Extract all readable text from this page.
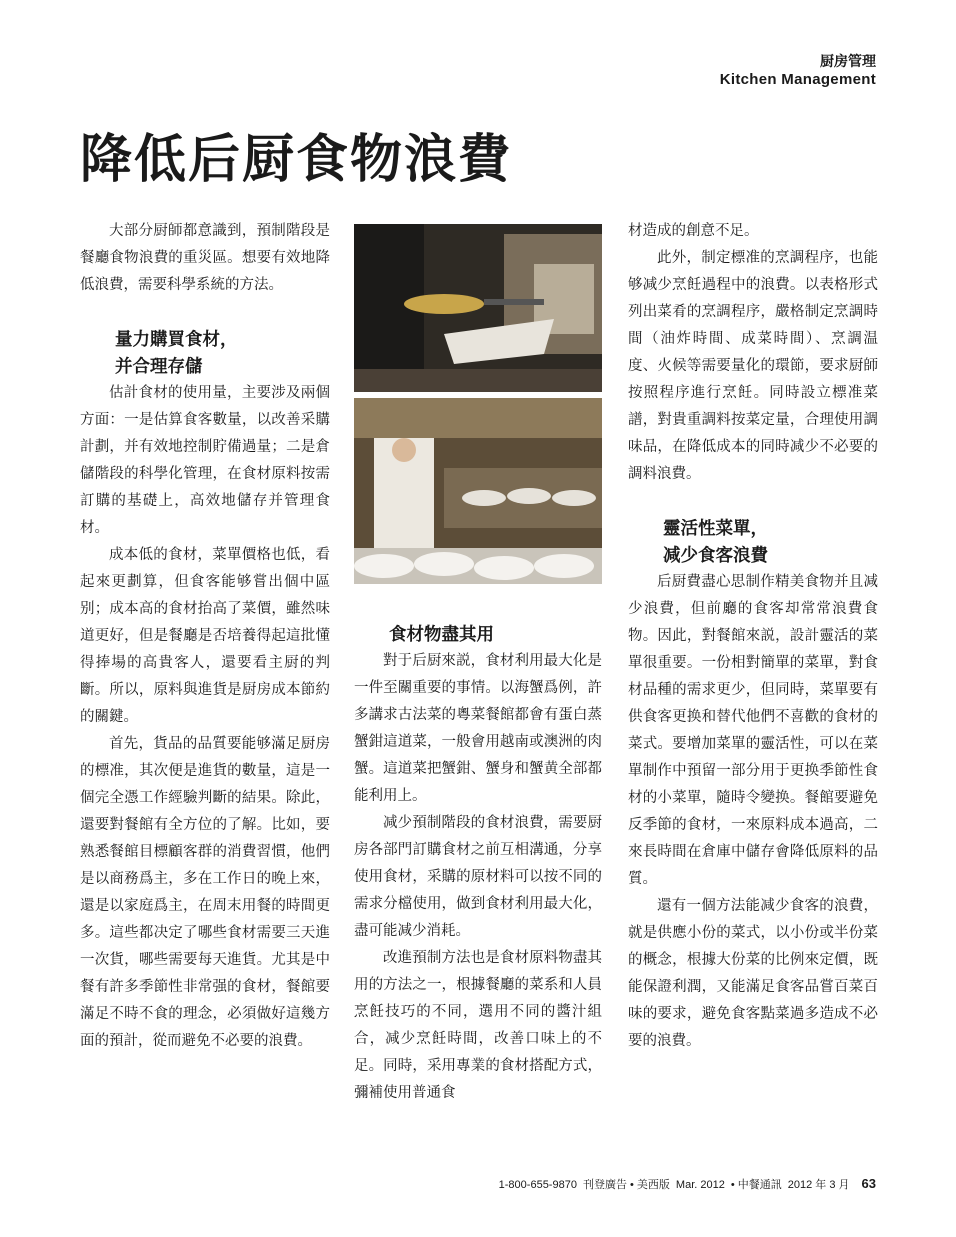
厨房管理
Kitchen Management
降低后厨食物浪費

大部分厨師都意識到，預制階段是餐廳食物浪費的重災區。想要有效地降低浪費，需要科學系統的方法。

量力購買食材，
并合理存儲

估計食材的使用量，主要涉及兩個方面：一是估算食客數量，以改善采購計劃，并有效地控制貯備過量；二是倉儲階段的科學化管理，在食材原料按需訂購的基礎上，高效地儲存并管理食材。

成本低的食材，菜單價格也低，看起來更劃算，但食客能够嘗出個中區别；成本高的食材抬高了菜價，雖然味道更好，但是餐廳是否培養得起這批懂得捧場的高貴客人，還要看主厨的判斷。所以，原料與進貨是厨房成本節約的關鍵。

首先，貨品的品質要能够滿足厨房的標准，其次便是進貨的數量，這是一個完全憑工作經驗判斷的結果。除此，還要對餐館有全方位的了解。比如，要熟悉餐館目標顧客群的消費習慣，他們是以商務爲主，多在工作日的晚上來，還是以家庭爲主，在周末用餐的時間更多。這些都决定了哪些食材需要三天進一次貨，哪些需要每天進貨。尤其是中餐有許多季節性非常强的食材，餐館要滿足不時不食的理念，必須做好這幾方面的預計，從而避免不必要的浪費。

食材物盡其用

對于后厨來説，食材利用最大化是一件至關重要的事情。以海蟹爲例，許多講求古法菜的粵菜餐館都會有蛋白蒸蟹鉗這道菜，一般會用越南或澳洲的肉蟹。這道菜把蟹鉗、蟹身和蟹黄全部都能利用上。

减少預制階段的食材浪費，需要厨房各部門訂購食材之前互相溝通，分享使用食材，采購的原材料可以按不同的需求分檔使用，做到食材利用最大化，盡可能减少消耗。

改進預制方法也是食材原料物盡其用的方法之一，根據餐廳的菜系和人員烹飪技巧的不同，選用不同的醬汁組合，减少烹飪時間，改善口味上的不足。同時，采用專業的食材搭配方式，彌補使用普通食

材造成的創意不足。

此外，制定標准的烹調程序，也能够减少烹飪過程中的浪費。以表格形式列出菜肴的烹調程序，嚴格制定烹調時間（油炸時間、成菜時間）、烹調温度、火候等需要量化的環節，要求厨師按照程序進行烹飪。同時設立標准菜譜，對貴重調料按菜定量，合理使用調味品，在降低成本的同時减少不必要的調料浪費。

靈活性菜單，
减少食客浪費

后厨費盡心思制作精美食物并且减少浪費，但前廳的食客却常常浪費食物。因此，對餐館來説，設計靈活的菜單很重要。一份相對簡單的菜單，對食材品種的需求更少，但同時，菜單要有供食客更换和替代他們不喜歡的食材的菜式。要增加菜單的靈活性，可以在菜單制作中預留一部分用于更换季節性食材的小菜單，隨時令變换。餐館要避免反季節的食材，一來原料成本過高，二來長時間在倉庫中儲存會降低原料的品質。

還有一個方法能减少食客的浪費，就是供應小份的菜式，以小份或半份菜的概念，根據大份菜的比例來定價，既能保證利潤，又能滿足食客品嘗百菜百味的要求，避免食客點菜過多造成不必要的浪費。

1-800-655-9870 刊登廣告 • 美西版 Mar. 2012 • 中餐通訊 2012 年 3 月 63
